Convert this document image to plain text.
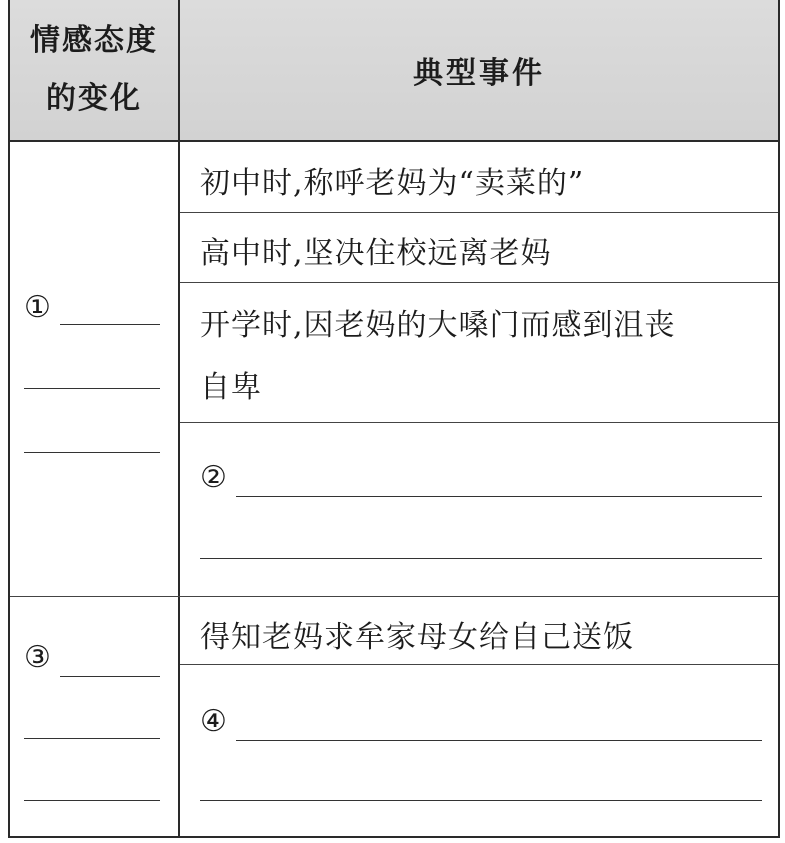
情感态度
的变化
典型事件
初中时,称呼老妈为“卖菜的”
高中时,坚决住校远离老妈
开学时,因老妈的大嗓门而感到沮丧
自卑
②
①
得知老妈求牟家母女给自己送饭
④
③
